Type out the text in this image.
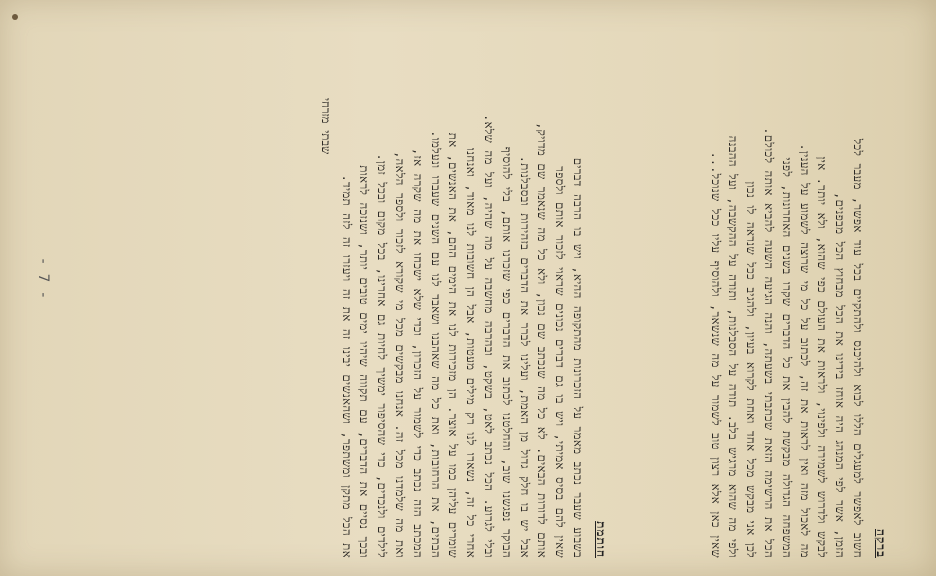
- 7 -
ברקה
חשוב לאפשר למעגלים הללו לבוא ולהיכנס ולהתקיים בכל עוד אפשר, מעבר לכל
הזמן, אשר לפי המנהג היה אוחז בידינו את הכל מבחוץ הכל מבפנים,
לבקש ולדרוש לשמירה ולפינוי, ולראות את העולם כפי שהוא, ולא יותר. אין
מה לאכול מזה ואין לראות את זה, לכתוב על כל מי שרוצה לשמוע על הענין.
המשפחה הגדולה מבקשת להבין את כל הדברים שקרו בשנים האחרונות, לפני
הכל את הרשימה הזאת שכתבתי בשעתה, והנה הגיעה השעה להביא אותה לכולם.
לכן אני מבקש מכל אחד ואחת לקרוא בעיון, ולהגיב ככל שנראה לו נכון
ולפי מה שהוא מרגיש בלב. תודה על הסבלנות, ותודה על ההקשבה, ועל ההבנה
שאין כאן אלא רצון טוב לשמור על מה שנשאר, ולהוסיף עליו ככל שנוכל...
חותמת
בשבוע שעבר נכתב מאמר על הזכרונות מהתקופה ההיא, ויש בו הרבה דברים
שאין להם בסיס אמיתי, ויש בו גם דברים נכונים שראוי לזכור אותם ולספר
אותם לדורות הבאים. לא כל מה שנכתב שם נכון, ולא כל מה שנאמר שם מדויק,
אבל יש בו חלק גדול מן האמת, ועלינו לברר את הדברים בזהירות ובסבלנות.
הבוקר נפגשנו שוב, והחלטנו לכתוב את הדברים כפי שזכרנו אותם, בלי להוסיף
ובלי לגרוע. הכל נכתב לאט, בשקט, ובהרבה מחשבה על מה שהיה, ועל מה שלא.
אחרי כל זה, נשארו לנו רק מילים מעטות, אבל הן חשובות לנו מאוד, ואנחנו
שומרים עליהן כמו על אוצר. הן מזכירות לנו את הימים ההם, את האנשים, את
הבתים, את הרחובות, ואת כל מה שאהבנו ושאבד לנו עם השנים שעברו ונעלמו.
המכתב הזה נכתב כדי לשמור על הזכרון, וכדי שלא ישכחו את מה שקרה אז,
ואת מה שלמדנו מכל זה. אנחנו מבקשים מכל מי שקורא לזכור ולספר הלאה,
לילדים ולנכדים, כדי שהסיפור ימשיך לחיות גם אחרינו, בכל מקום ובכל זמן.
ובכך נסיים את הדברים, עם תקווה שיהיו ימים טובים יותר, ושנזכה לראות
את הכל מתקן ומשתפר, ושהאנשים יבינו זה את זה ויעזרו זה לזה תמיד.
שבתי מזרחי
